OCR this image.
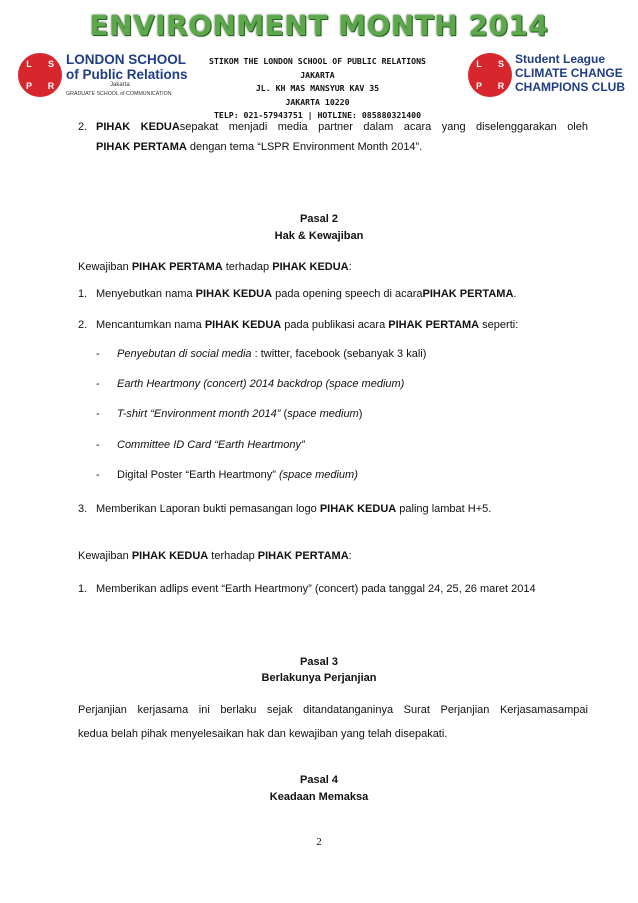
ENVIRONMENT MONTH 2014
L S
P R
LONDON SCHOOL
of Public Relations
Jakarta
GRADUATE SCHOOL of COMMUNICATION
STIKOM THE LONDON SCHOOL OF PUBLIC RELATIONS JAKARTA
JL. KH MAS MANSYUR KAV 35
JAKARTA 10220
TELP: 021-57943751 | HOTLINE: 085880321400
L S
P R
Student League
CLIMATE CHANGE
CHAMPIONS CLUB
2. PIHAK KEDUAsepakat menjadi media partner dalam acara yang diselenggarakan oleh
PIHAK PERTAMA dengan tema “LSPR Environment Month 2014”.
Pasal 2
Hak & Kewajiban
Kewajiban PIHAK PERTAMA terhadap PIHAK KEDUA:
1. Menyebutkan nama PIHAK KEDUA pada opening speech di acaraPIHAK PERTAMA.
2. Mencantumkan nama PIHAK KEDUA pada publikasi acara PIHAK PERTAMA seperti:
- Penyebutan di social media : twitter, facebook (sebanyak 3 kali)
- Earth Heartmony (concert) 2014 backdrop (space medium)
- T-shirt “Environment month 2014” (space medium)
- Committee ID Card “Earth Heartmony”
- Digital Poster “Earth Heartmony” (space medium)
3. Memberikan Laporan bukti pemasangan logo PIHAK KEDUA paling lambat H+5.
Kewajiban PIHAK KEDUA terhadap PIHAK PERTAMA:
1. Memberikan adlips event “Earth Heartmony” (concert) pada tanggal 24, 25, 26 maret 2014
Pasal 3
Berlakunya Perjanjian
Perjanjian kerjasama ini berlaku sejak ditandatanganinya Surat Perjanjian Kerjasamasampai
kedua belah pihak menyelesaikan hak dan kewajiban yang telah disepakati.
Pasal 4
Keadaan Memaksa
2
